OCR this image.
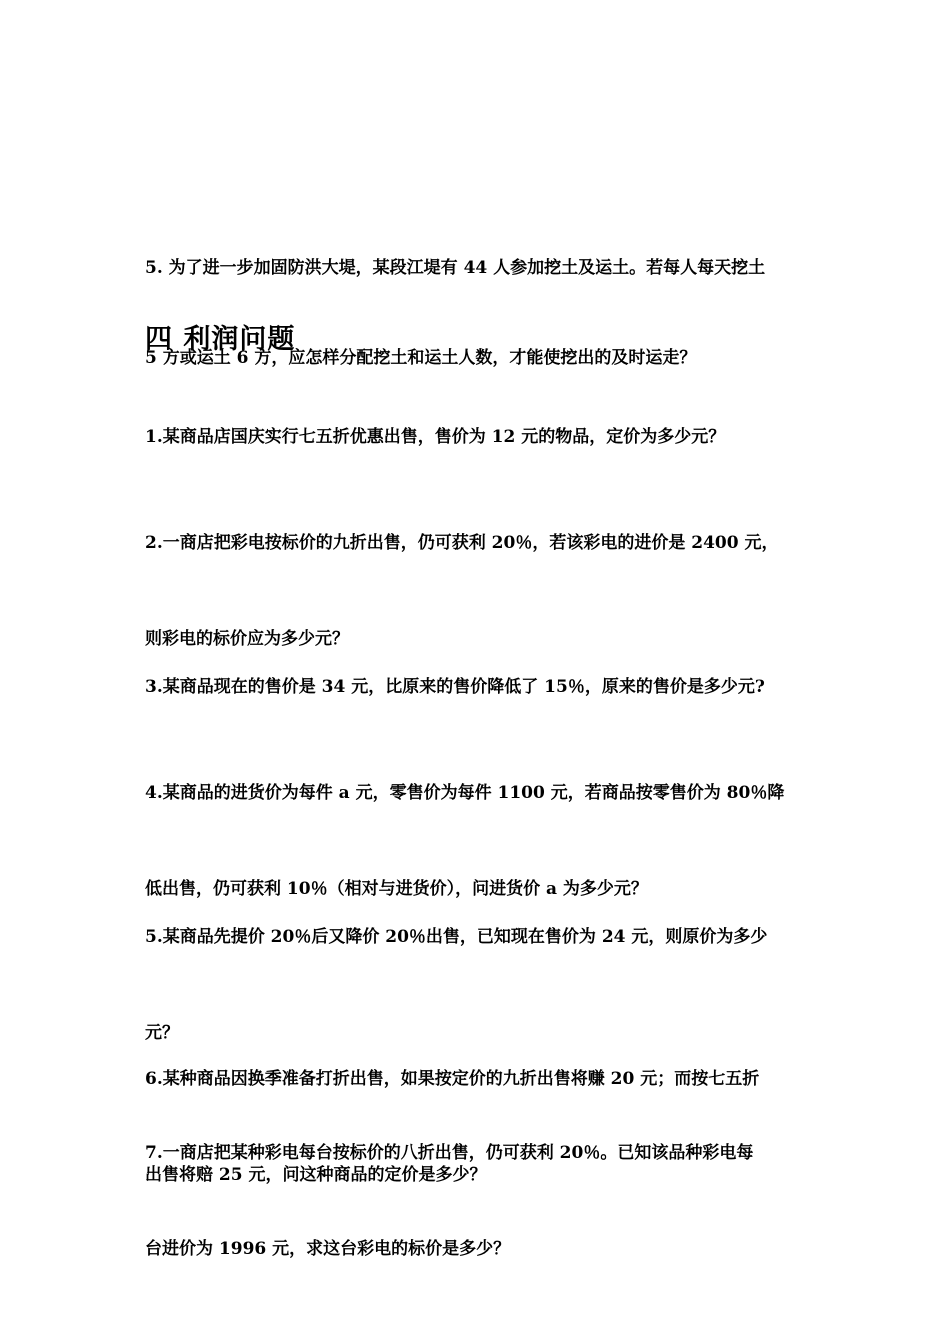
5. 为了进一步加固防洪大堤，某段江堤有 44 人参加挖土及运土。若每人每天挖土

5 方或运土 6 方，应怎样分配挖土和运土人数，才能使挖出的及时运走？

四 利润问题

1.某商品店国庆实行七五折优惠出售，售价为 12 元的物品，定价为多少元？

2.一商店把彩电按标价的九折出售，仍可获利 20％，若该彩电的进价是 2400 元，

则彩电的标价应为多少元？

3.某商品现在的售价是 34 元，比原来的售价降低了 15％，原来的售价是多少元?

4.某商品的进货价为每件 a 元，零售价为每件 1100 元，若商品按零售价为 80％降

低出售，仍可获利 10％（相对与进货价），问进货价 a 为多少元？

5.某商品先提价 20％后又降价 20％出售，已知现在售价为 24 元，则原价为多少

元？

6.某种商品因换季准备打折出售，如果按定价的九折出售将赚 20 元；而按七五折

出售将赔 25 元，问这种商品的定价是多少？

7.一商店把某种彩电每台按标价的八折出售，仍可获利 20％。已知该品种彩电每

台进价为 1996 元，求这台彩电的标价是多少？
